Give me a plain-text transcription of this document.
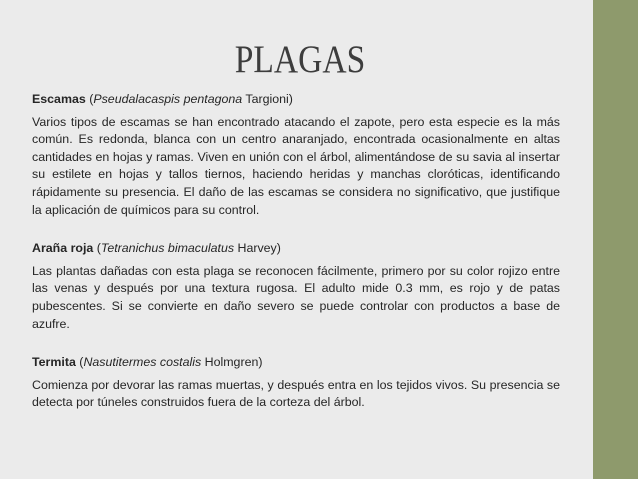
PLAGAS

Escamas (Pseudalacaspis pentagona Targioni)

Varios tipos de escamas se han encontrado atacando el zapote, pero esta especie es la más común. Es redonda, blanca con un centro anaranjado, encontrada ocasionalmente en altas cantidades en hojas y ramas. Viven en unión con el árbol, alimentándose de su savia al insertar su estilete en hojas y tallos tiernos, haciendo heridas y manchas cloróticas, identificando rápidamente su presencia. El daño de las escamas se considera no significativo, que justifique la aplicación de químicos para su control.

Araña roja (Tetranichus bimaculatus Harvey)

Las plantas dañadas con esta plaga se reconocen fácilmente, primero por su color rojizo entre las venas y después por una textura rugosa. El adulto mide 0.3 mm, es rojo y de patas pubescentes. Si se convierte en daño severo se puede controlar con productos a base de azufre.

Termita (Nasutitermes costalis Holmgren)

Comienza por devorar las ramas muertas, y después entra en los tejidos vivos. Su presencia se detecta por túneles construidos fuera de la corteza del árbol.
